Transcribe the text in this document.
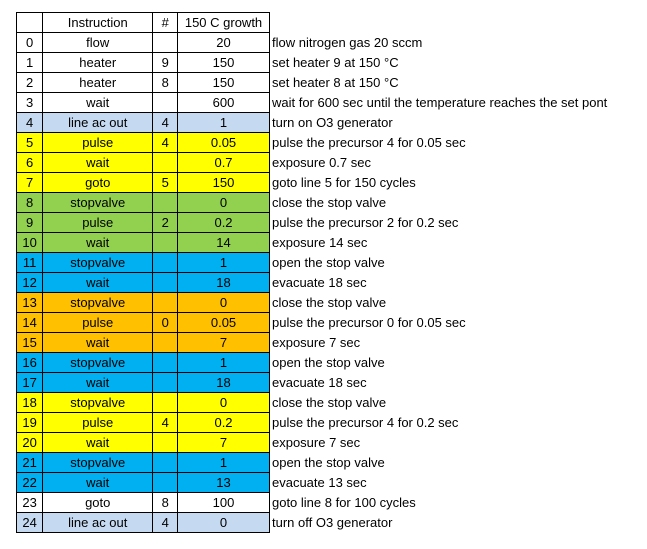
	Instruction	#	150 C growth	
0	flow		20	flow nitrogen gas 20 sccm
1	heater	9	150	set heater 9 at 150 °C
2	heater	8	150	set heater 8 at 150 °C
3	wait		600	wait for 600 sec until the temperature reaches the set pont
4	line ac out	4	1	turn on O3 generator
5	pulse	4	0.05	pulse the precursor 4 for 0.05 sec
6	wait		0.7	exposure 0.7 sec
7	goto	5	150	goto line 5 for 150 cycles
8	stopvalve		0	close the stop valve
9	pulse	2	0.2	pulse the precursor 2 for 0.2 sec
10	wait		14	exposure 14 sec
11	stopvalve		1	open the stop valve
12	wait		18	evacuate 18 sec
13	stopvalve		0	close the stop valve
14	pulse	0	0.05	pulse the precursor 0 for 0.05 sec
15	wait		7	exposure 7 sec
16	stopvalve		1	open the stop valve
17	wait		18	evacuate 18 sec
18	stopvalve		0	close the stop valve
19	pulse	4	0.2	pulse the precursor 4 for 0.2 sec
20	wait		7	exposure 7 sec
21	stopvalve		1	open the stop valve
22	wait		13	evacuate 13 sec
23	goto	8	100	goto line 8 for 100 cycles
24	line ac out	4	0	turn off O3 generator
